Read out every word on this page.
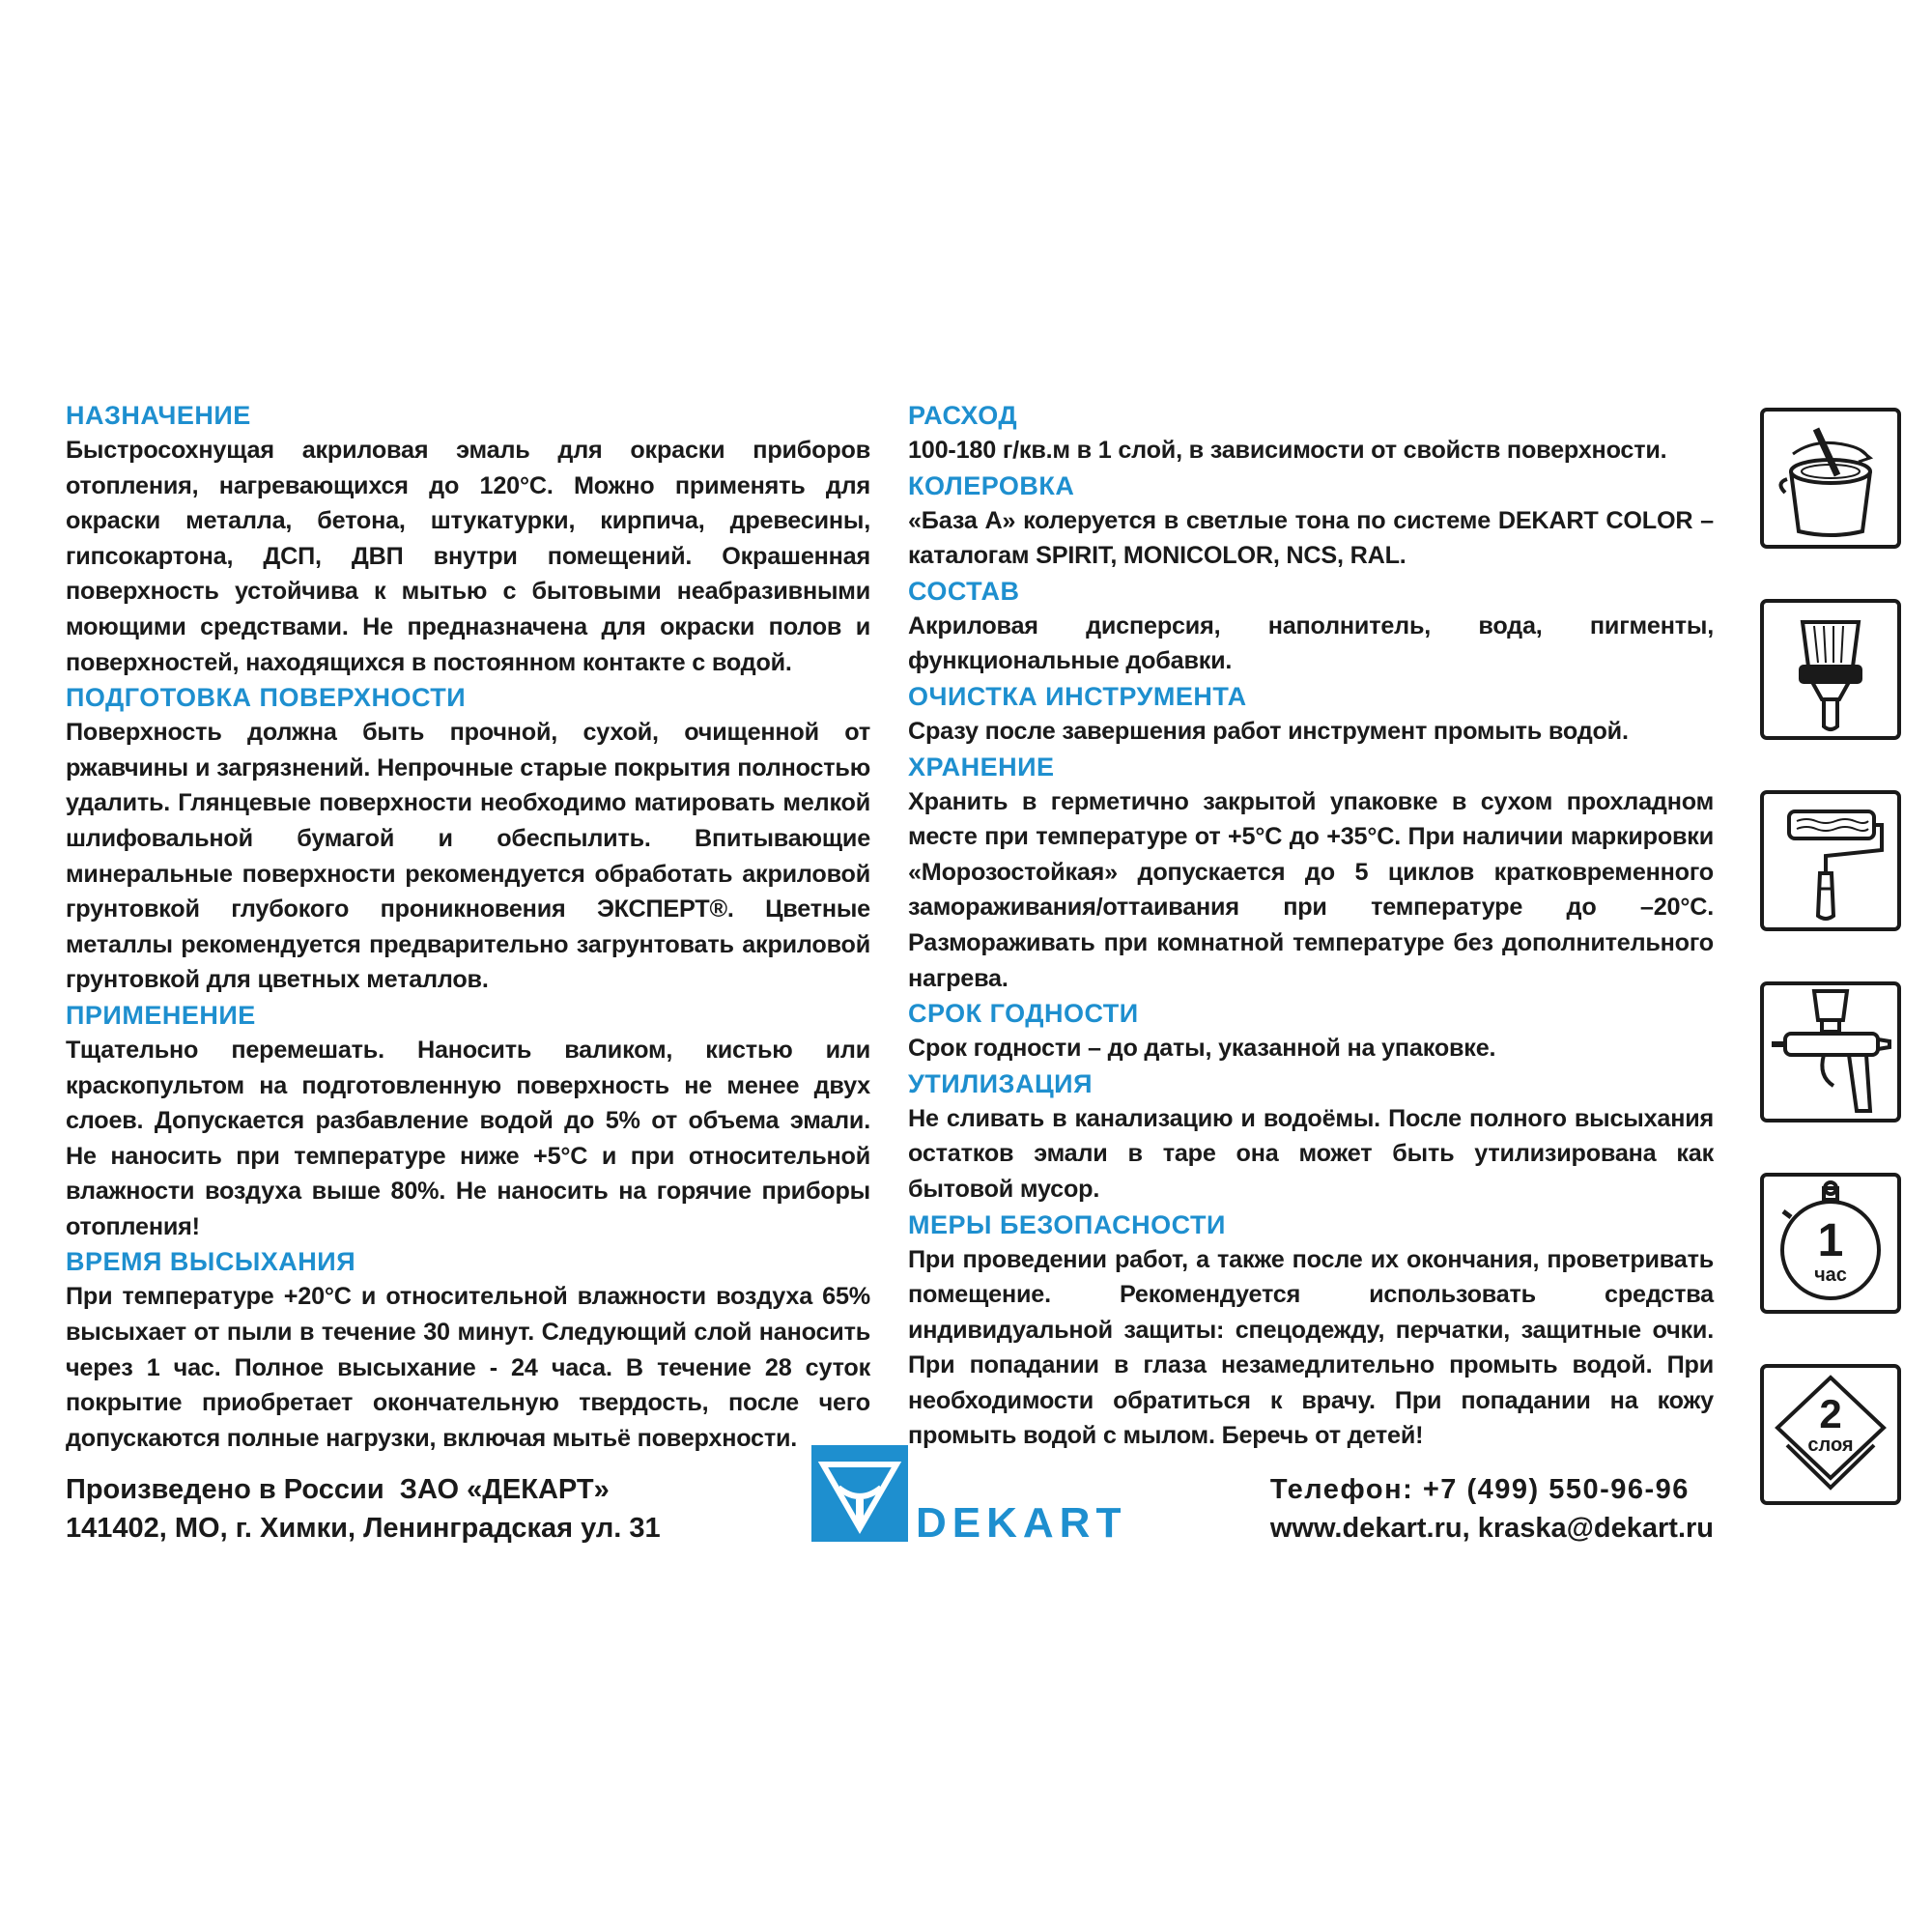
НАЗНАЧЕНИЕ

Быстросохнущая акриловая эмаль для окраски приборов отопления, нагревающихся до 120°С. Можно применять для окраски металла, бетона, штукатурки, кирпича, древесины, гипсокартона, ДСП, ДВП внутри помещений. Окрашенная поверхность устойчива к мытью с бытовыми неабразивными моющими средствами. Не предназначена для окраски полов и поверхностей, находящихся в постоянном контакте с водой.

ПОДГОТОВКА ПОВЕРХНОСТИ

Поверхность должна быть прочной, сухой, очищенной от ржавчины и загрязнений. Непрочные старые покрытия полностью удалить. Глянцевые поверхности необходимо матировать мелкой шлифовальной бумагой и обеспылить. Впитывающие минеральные поверхности рекомендуется обработать акриловой грунтовкой глубокого проникновения ЭКСПЕРТ®. Цветные металлы рекомендуется предварительно загрунтовать акриловой грунтовкой для цветных металлов.

ПРИМЕНЕНИЕ

Тщательно перемешать. Наносить валиком, кистью или краскопультом на подготовленную поверхность не менее двух слоев. Допускается разбавление водой до 5% от объема эмали. Не наносить при температуре ниже +5°С и при относительной влажности воздуха выше 80%. Не наносить на горячие приборы отопления!

ВРЕМЯ ВЫСЫХАНИЯ

При температуре +20°С и относительной влажности воздуха 65% высыхает от пыли в течение 30 минут. Следующий слой наносить через 1 час. Полное высыхание - 24 часа. В течение 28 суток покрытие приобретает окончательную твердость, после чего допускаются полные нагрузки, включая мытьё поверхности.

РАСХОД

100-180 г/кв.м в 1 слой, в зависимости от свойств поверхности.

КОЛЕРОВКА

«База А» колеруется в светлые тона по системе DEKART COLOR – каталогам SPIRIT, MONICOLOR, NCS, RAL.

СОСТАВ

Акриловая дисперсия, наполнитель, вода, пигменты, функциональные добавки.

ОЧИСТКА ИНСТРУМЕНТА

Сразу после завершения работ инструмент промыть водой.

ХРАНЕНИЕ

Хранить в герметично закрытой упаковке в сухом прохладном месте при температуре от +5°С до +35°С. При наличии маркировки «Морозостойкая» допускается до 5 циклов кратковременного замораживания/оттаивания при температуре до –20°С. Размораживать при комнатной температуре без дополнительного нагрева.

СРОК ГОДНОСТИ

Срок годности – до даты, указанной на упаковке.

УТИЛИЗАЦИЯ

Не сливать в канализацию и водоёмы. После полного высыхания остатков эмали в таре она может быть утилизирована как бытовой мусор.

МЕРЫ БЕЗОПАСНОСТИ

При проведении работ, а также после их окончания, проветривать помещение. Рекомендуется использовать средства индивидуальной защиты: спецодежду, перчатки, защитные очки. При попадании в глаза незамедлительно промыть водой. При необходимости обратиться к врачу. При попадании на кожу промыть водой с мылом. Беречь от детей!

1
час
2
слоя
Произведено в России  ЗАО «ДЕКАРТ»
141402, МО, г. Химки, Ленинградская ул. 31	DEKART
Телефон: +7 (499) 550-96-96
www.dekart.ru, kraska@dekart.ru
